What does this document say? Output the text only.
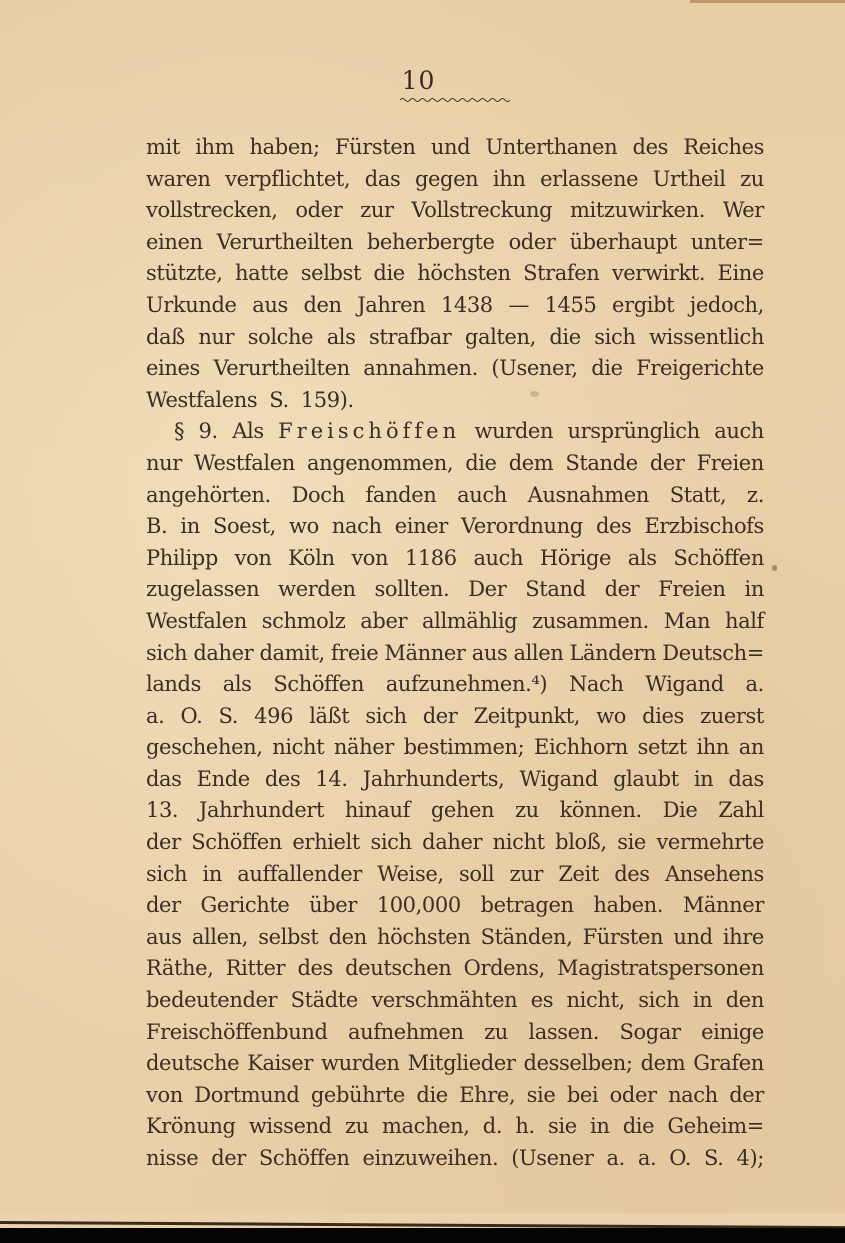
10
mit ihm haben; Fürsten und Unterthanen des Reiches
waren verpflichtet, das gegen ihn erlassene Urtheil zu
vollstrecken, oder zur Vollstreckung mitzuwirken. Wer
einen Verurtheilten beherbergte oder überhaupt unter=
stützte, hatte selbst die höchsten Strafen verwirkt. Eine
Urkunde aus den Jahren 1438 — 1455 ergibt jedoch,
daß nur solche als strafbar galten, die sich wissentlich
eines Verurtheilten annahmen. (Usener, die Freigerichte
Westfalens S. 159).
§ 9. Als Freischöffen wurden ursprünglich auch
nur Westfalen angenommen, die dem Stande der Freien
angehörten. Doch fanden auch Ausnahmen Statt, z.
B. in Soest, wo nach einer Verordnung des Erzbischofs
Philipp von Köln von 1186 auch Hörige als Schöffen
zugelassen werden sollten. Der Stand der Freien in
Westfalen schmolz aber allmählig zusammen. Man half
sich daher damit, freie Männer aus allen Ländern Deutsch=
lands als Schöffen aufzunehmen.⁴) Nach Wigand a.
a. O. S. 496 läßt sich der Zeitpunkt, wo dies zuerst
geschehen, nicht näher bestimmen; Eichhorn setzt ihn an
das Ende des 14. Jahrhunderts, Wigand glaubt in das
13. Jahrhundert hinauf gehen zu können. Die Zahl
der Schöffen erhielt sich daher nicht bloß, sie vermehrte
sich in auffallender Weise, soll zur Zeit des Ansehens
der Gerichte über 100,000 betragen haben. Männer
aus allen, selbst den höchsten Ständen, Fürsten und ihre
Räthe, Ritter des deutschen Ordens, Magistratspersonen
bedeutender Städte verschmähten es nicht, sich in den
Freischöffenbund aufnehmen zu lassen. Sogar einige
deutsche Kaiser wurden Mitglieder desselben; dem Grafen
von Dortmund gebührte die Ehre, sie bei oder nach der
Krönung wissend zu machen, d. h. sie in die Geheim=
nisse der Schöffen einzuweihen. (Usener a. a. O. S. 4);
